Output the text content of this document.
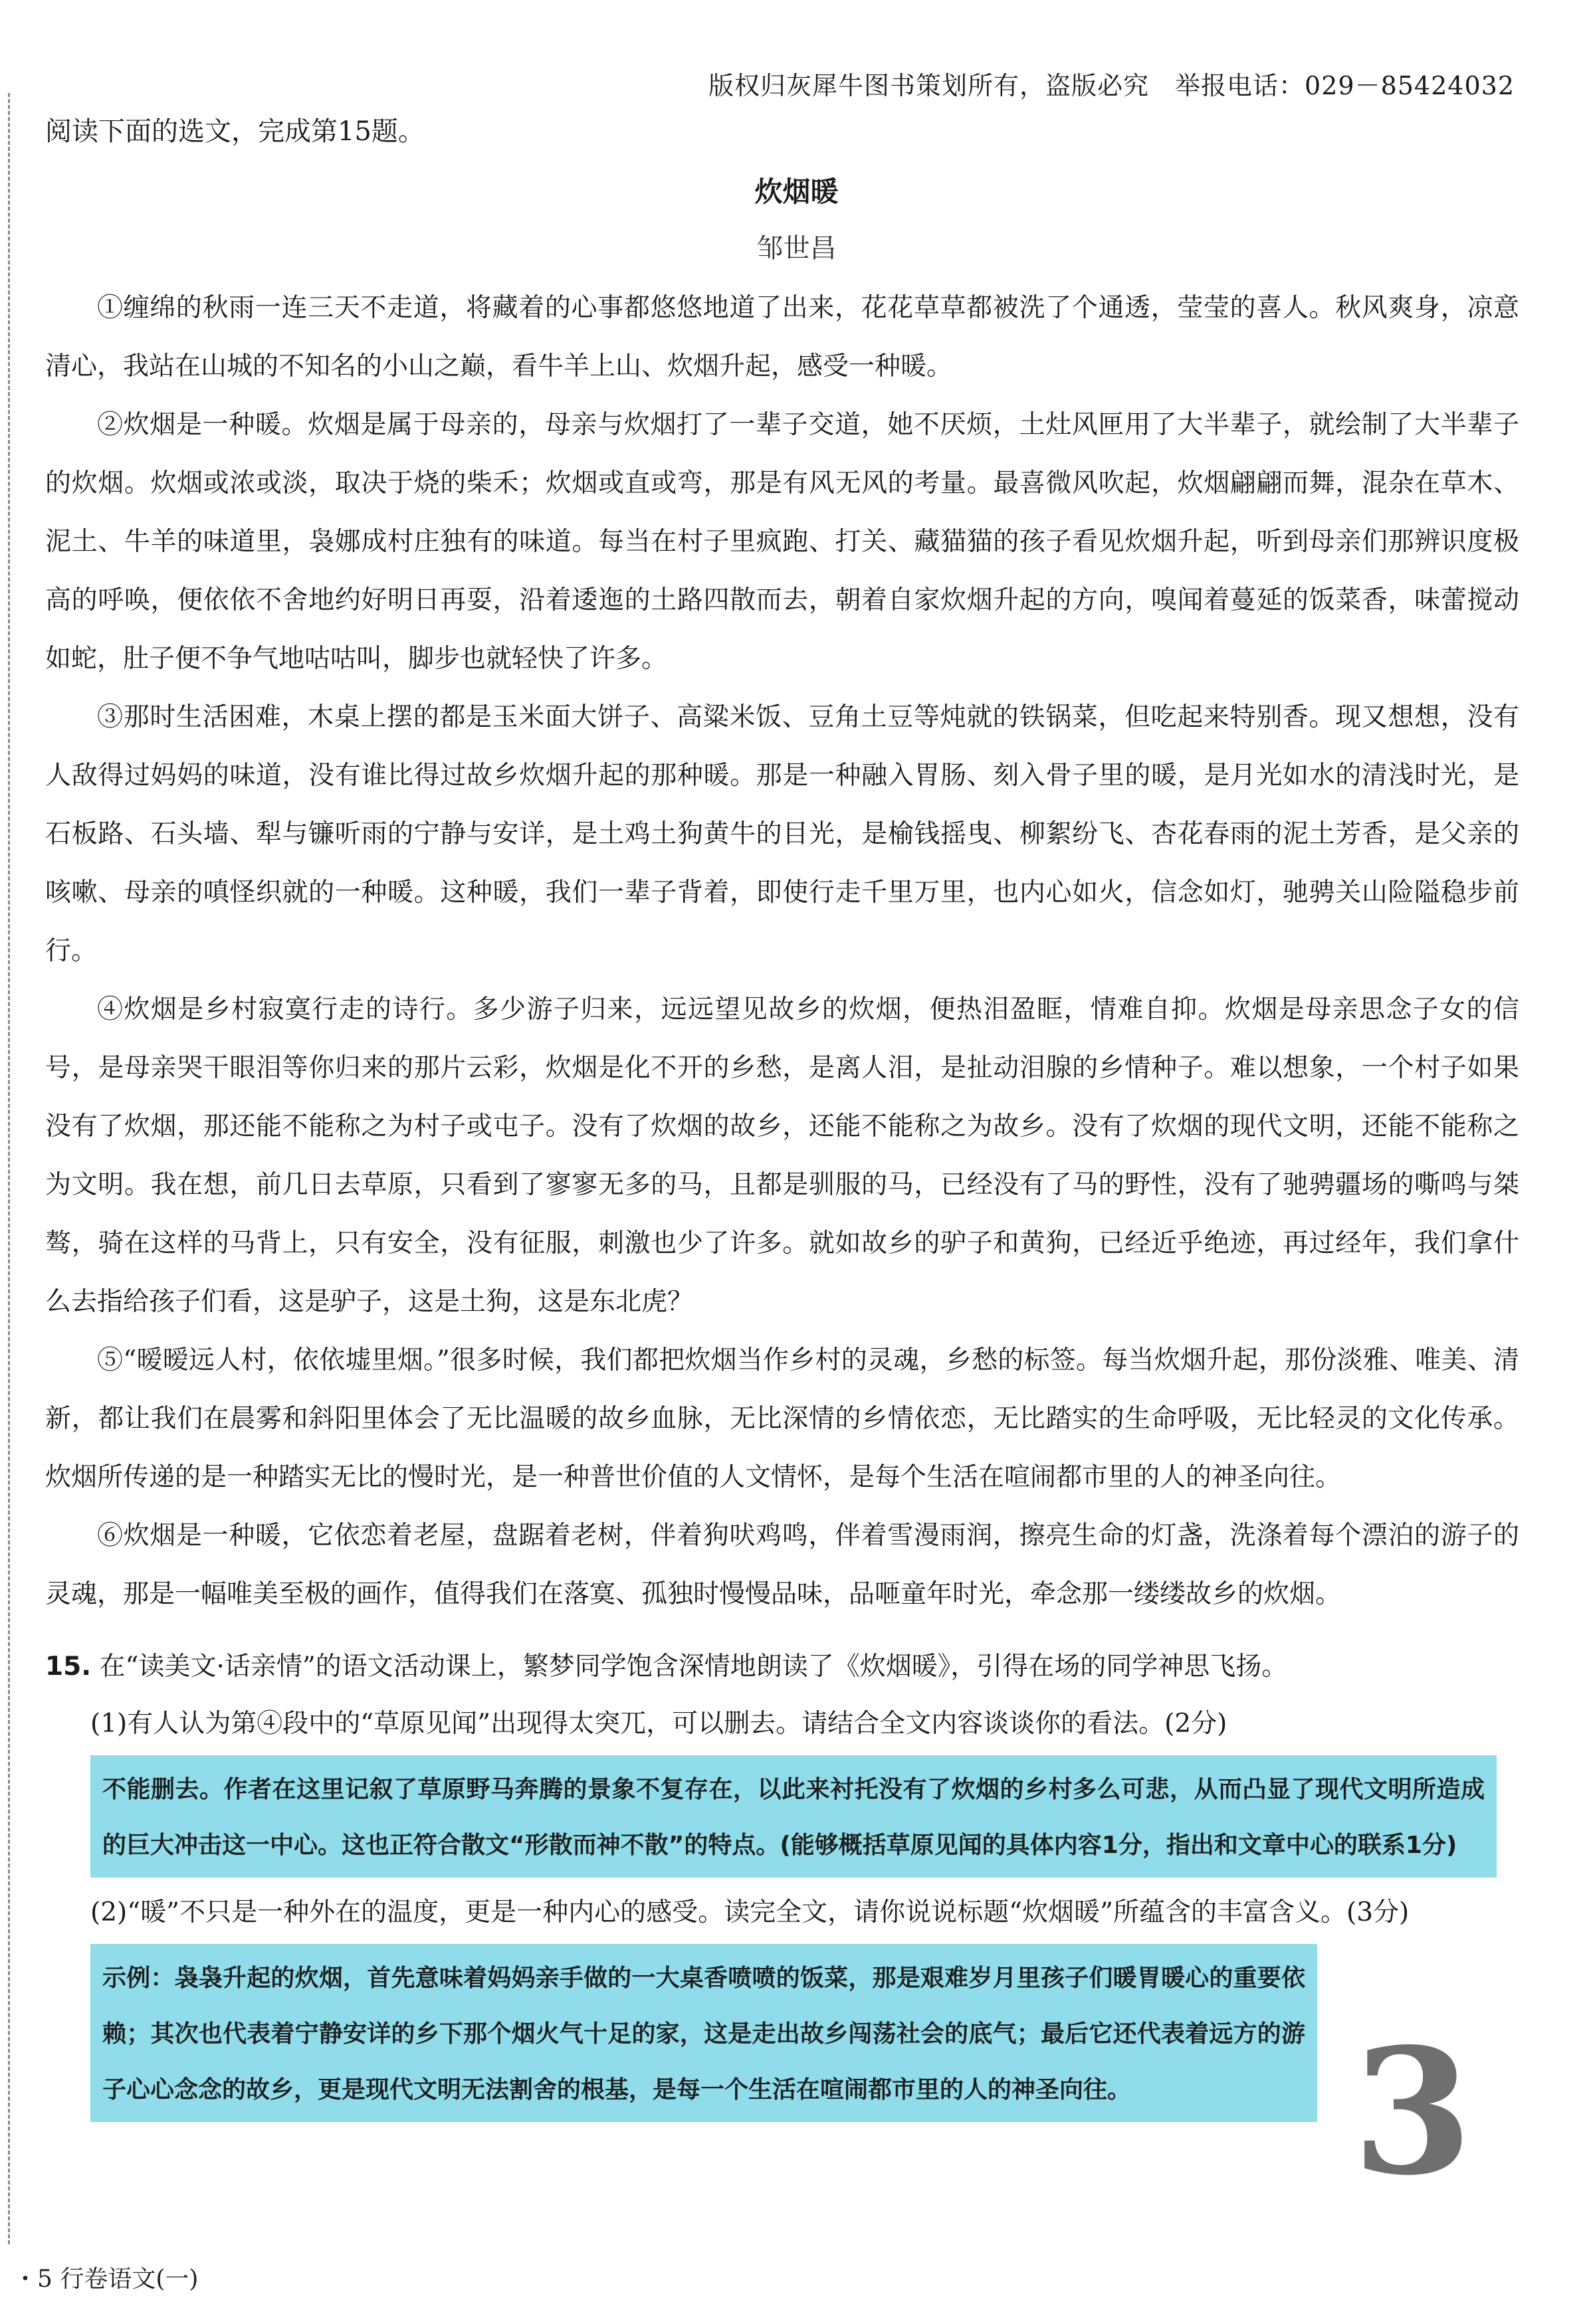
版权归灰犀牛图书策划所有，盗版必究　举报电话：029－85424032
阅读下面的选文，完成第15题。
炊烟暖
邹世昌

①缠绵的秋雨一连三天不走道，将藏着的心事都悠悠地道了出来，花花草草都被洗了个通透，莹莹的喜人。秋风爽身，凉意清心，我站在山城的不知名的小山之巅，看牛羊上山、炊烟升起，感受一种暖。

②炊烟是一种暖。炊烟是属于母亲的，母亲与炊烟打了一辈子交道，她不厌烦，土灶风匣用了大半辈子，就绘制了大半辈子的炊烟。炊烟或浓或淡，取决于烧的柴禾；炊烟或直或弯，那是有风无风的考量。最喜微风吹起，炊烟翩翩而舞，混杂在草木、泥土、牛羊的味道里，袅娜成村庄独有的味道。每当在村子里疯跑、打关、藏猫猫的孩子看见炊烟升起，听到母亲们那辨识度极高的呼唤，便依依不舍地约好明日再耍，沿着逶迤的土路四散而去，朝着自家炊烟升起的方向，嗅闻着蔓延的饭菜香，味蕾搅动如蛇，肚子便不争气地咕咕叫，脚步也就轻快了许多。

③那时生活困难，木桌上摆的都是玉米面大饼子、高粱米饭、豆角土豆等炖就的铁锅菜，但吃起来特别香。现又想想，没有人敌得过妈妈的味道，没有谁比得过故乡炊烟升起的那种暖。那是一种融入胃肠、刻入骨子里的暖，是月光如水的清浅时光，是石板路、石头墙、犁与镰听雨的宁静与安详，是土鸡土狗黄牛的目光，是榆钱摇曳、柳絮纷飞、杏花春雨的泥土芳香，是父亲的咳嗽、母亲的嗔怪织就的一种暖。这种暖，我们一辈子背着，即使行走千里万里，也内心如火，信念如灯，驰骋关山险隘稳步前行。

④炊烟是乡村寂寞行走的诗行。多少游子归来，远远望见故乡的炊烟，便热泪盈眶，情难自抑。炊烟是母亲思念子女的信号，是母亲哭干眼泪等你归来的那片云彩，炊烟是化不开的乡愁，是离人泪，是扯动泪腺的乡情种子。难以想象，一个村子如果没有了炊烟，那还能不能称之为村子或屯子。没有了炊烟的故乡，还能不能称之为故乡。没有了炊烟的现代文明，还能不能称之为文明。我在想，前几日去草原，只看到了寥寥无多的马，且都是驯服的马，已经没有了马的野性，没有了驰骋疆场的嘶鸣与桀骜，骑在这样的马背上，只有安全，没有征服，刺激也少了许多。就如故乡的驴子和黄狗，已经近乎绝迹，再过经年，我们拿什么去指给孩子们看，这是驴子，这是土狗，这是东北虎？

⑤“暧暧远人村，依依墟里烟。”很多时候，我们都把炊烟当作乡村的灵魂，乡愁的标签。每当炊烟升起，那份淡雅、唯美、清新，都让我们在晨雾和斜阳里体会了无比温暖的故乡血脉，无比深情的乡情依恋，无比踏实的生命呼吸，无比轻灵的文化传承。炊烟所传递的是一种踏实无比的慢时光，是一种普世价值的人文情怀，是每个生活在喧闹都市里的人的神圣向往。

⑥炊烟是一种暖，它依恋着老屋，盘踞着老树，伴着狗吠鸡鸣，伴着雪漫雨润，擦亮生命的灯盏，洗涤着每个漂泊的游子的灵魂，那是一幅唯美至极的画作，值得我们在落寞、孤独时慢慢品味，品咂童年时光，牵念那一缕缕故乡的炊烟。

15. 在“读美文·话亲情”的语文活动课上，繁梦同学饱含深情地朗读了《炊烟暖》，引得在场的同学神思飞扬。

(1)有人认为第④段中的“草原见闻”出现得太突兀，可以删去。请结合全文内容谈谈你的看法。(2分)

不能删去。作者在这里记叙了草原野马奔腾的景象不复存在，以此来衬托没有了炊烟的乡村多么可悲，从而凸显了现代文明所造成的巨大冲击这一中心。这也正符合散文“形散而神不散”的特点。(能够概括草原见闻的具体内容1分，指出和文章中心的联系1分)

(2)“暖”不只是一种外在的温度，更是一种内心的感受。读完全文，请你说说标题“炊烟暖”所蕴含的丰富含义。(3分)

示例：袅袅升起的炊烟，首先意味着妈妈亲手做的一大桌香喷喷的饭菜，那是艰难岁月里孩子们暖胃暖心的重要依赖；其次也代表着宁静安详的乡下那个烟火气十足的家，这是走出故乡闯荡社会的底气；最后它还代表着远方的游子心心念念的故乡，更是现代文明无法割舍的根基，是每一个生活在喧闹都市里的人的神圣向往。	3
・5 行卷语文(一)
